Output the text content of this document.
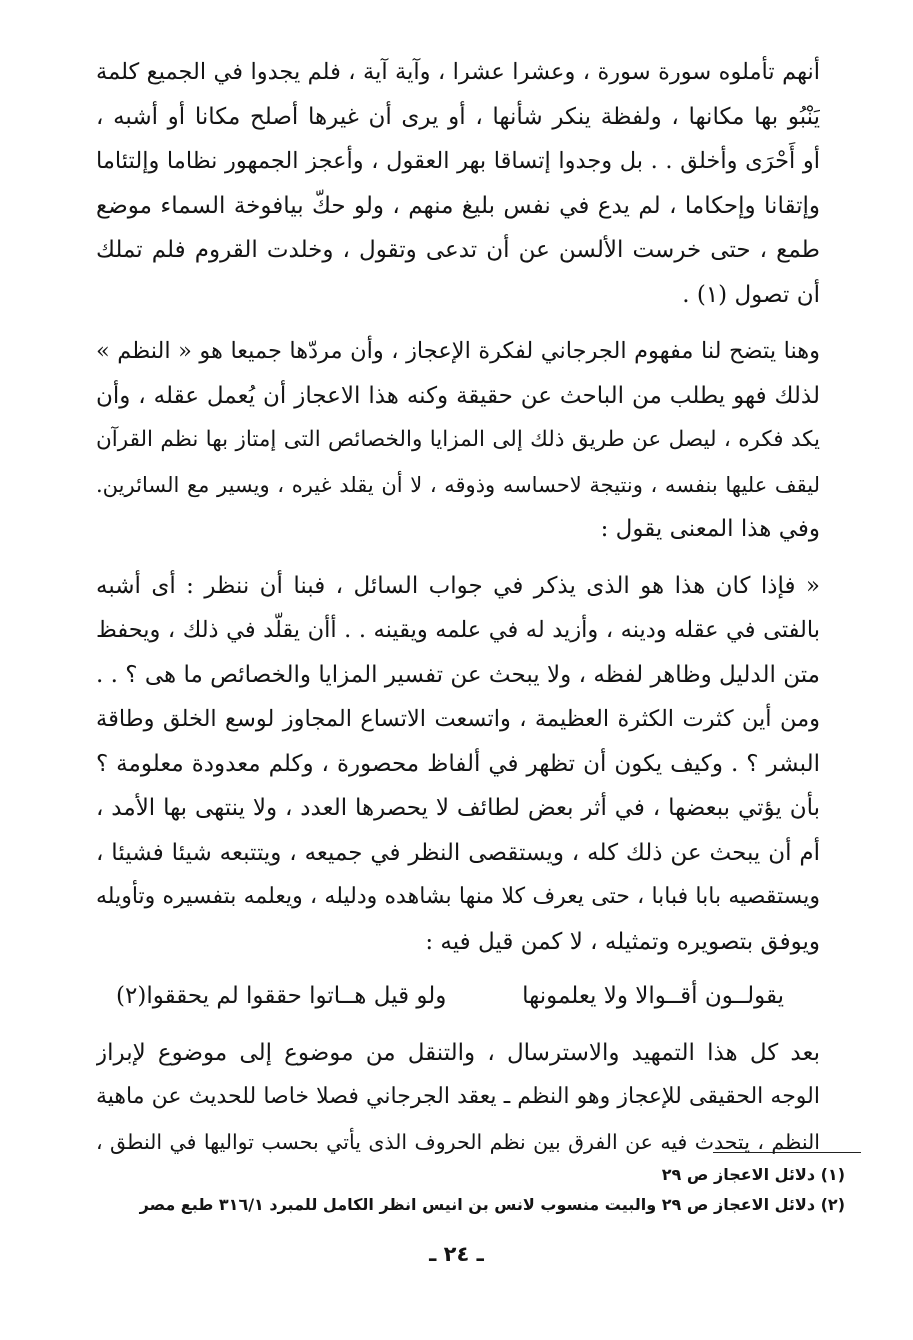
أنهم تأملوه سورة سورة ، وعشرا عشرا ، وآية آية ، فلم يجدوا في الجميع كلمة
يَنْبُو بها مكانها ، ولفظة ينكر شأنها ، أو يرى أن غيرها أصلح مكانا أو أشبه ،
أو أَحْرَى وأخلق . . بل وجدوا إتساقا بهر العقول ، وأعجز الجمهور نظاما وإلتئاما
وإتقانا وإحكاما ، لم يدع في نفس بليغ منهم ، ولو حكّ بيافوخة السماء موضع
طمع ، حتى خرست الألسن عن أن تدعى وتقول ، وخلدت القروم فلم تملك
أن تصول (١) .
وهنا يتضح لنا مفهوم الجرجاني لفكرة الإعجاز ، وأن مردّها جميعا هو « النظم »
لذلك فهو يطلب من الباحث عن حقيقة وكنه هذا الاعجاز أن يُعمل عقله ، وأن
يكد فكره ، ليصل عن طريق ذلك إلى المزايا والخصائص التى إمتاز بها نظم القرآن
ليقف عليها بنفسه ، ونتيجة لاحساسه وذوقه ، لا أن يقلد غيره ، ويسير مع السائرين.
وفي هذا المعنى يقول :
« فإذا كان هذا هو الذى يذكر في جواب السائل ، فبنا أن ننظر : أى أشبه
بالفتى في عقله ودينه ، وأزيد له في علمه ويقينه . . أأن يقلّد في ذلك ، ويحفظ
متن الدليل وظاهر لفظه ، ولا يبحث عن تفسير المزايا والخصائص ما هى ؟ . .
ومن أين كثرت الكثرة العظيمة ، واتسعت الاتساع المجاوز لوسع الخلق وطاقة
البشر ؟ . وكيف يكون أن تظهر في ألفاظ محصورة ، وكلم معدودة معلومة ؟
بأن يؤتي ببعضها ، في أثر بعض لطائف لا يحصرها العدد ، ولا ينتهى بها الأمد ،
أم أن يبحث عن ذلك كله ، ويستقصى النظر في جميعه ، ويتتبعه شيئا فشيئا ،
ويستقصيه بابا فبابا ، حتى يعرف كلا منها بشاهده ودليله ، ويعلمه بتفسيره وتأويله
ويوفق بتصويره وتمثيله ، لا كمن قيل فيه :
يقولــون أقــوالا ولا يعلمونها
ولو قيل هــاتوا حققوا لم يحققوا(٢)
بعد كل هذا التمهيد والاسترسال ، والتنقل من موضوع إلى موضوع لإبراز
الوجه الحقيقى للإعجاز وهو النظم ـ يعقد الجرجاني فصلا خاصا للحديث عن ماهية
النظم ، يتحدث فيه عن الفرق بين نظم الحروف الذى يأتي بحسب تواليها في النطق ،
(١) دلائل الاعجاز ص ٢٩
(٢) دلائل الاعجاز ص ٢٩ والبيت منسوب لانس بن انيس انظر الكامل للمبرد ٣١٦/١ طبع مصر
ـ ٢٤ ـ
